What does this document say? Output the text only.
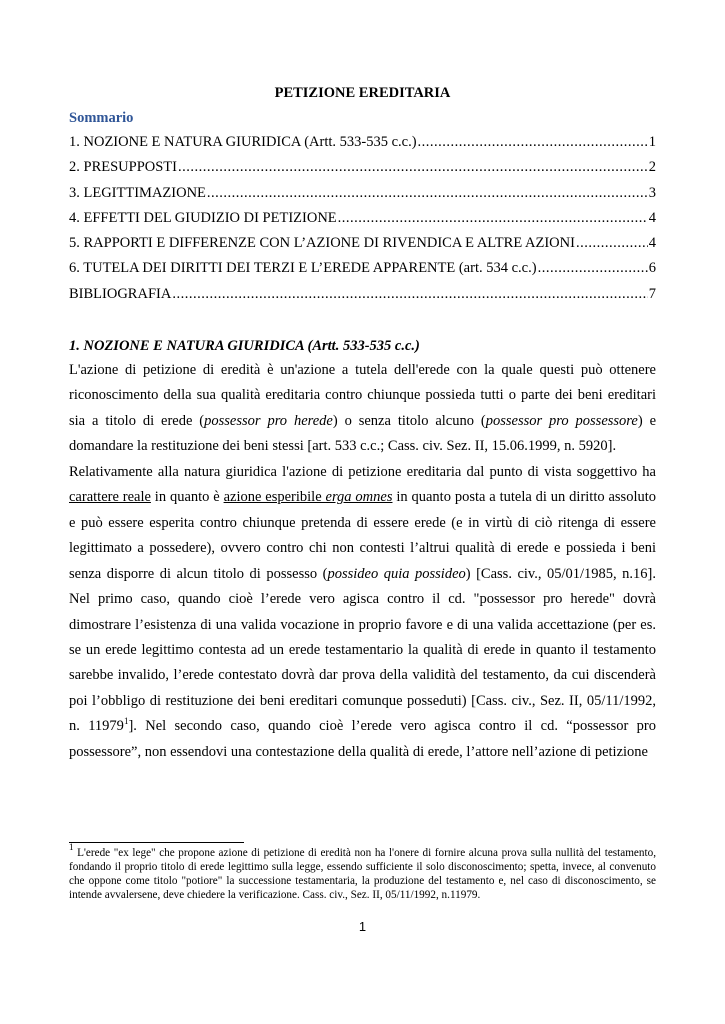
PETIZIONE EREDITARIA
Sommario
1. NOZIONE E NATURA GIURIDICA (Artt. 533-535 c.c.) .....	1
2. PRESUPPOSTI .....	2
3. LEGITTIMAZIONE .....	3
4. EFFETTI DEL GIUDIZIO DI PETIZIONE .....	4
5. RAPPORTI E DIFFERENZE CON L’AZIONE DI RIVENDICA E ALTRE AZIONI .....	4
6. TUTELA DEI DIRITTI DEI TERZI E L’EREDE APPARENTE (art. 534 c.c.) .....	6
BIBLIOGRAFIA .....	7
1. NOZIONE E NATURA GIURIDICA (Artt. 533-535 c.c.)

L'azione di petizione di eredità è un'azione a tutela dell'erede con la quale questi può ottenere riconoscimento della sua qualità ereditaria contro chiunque possieda tutti o parte dei beni ereditari sia a titolo di erede (possessor pro herede) o senza titolo alcuno (possessor pro possessore) e domandare la restituzione dei beni stessi [art. 533 c.c.; Cass. civ. Sez. II, 15.06.1999, n. 5920].

Relativamente alla natura giuridica l'azione di petizione ereditaria dal punto di vista soggettivo ha carattere reale in quanto è azione esperibile erga omnes in quanto posta a tutela di un diritto assoluto e può essere esperita contro chiunque pretenda di essere erede (e in virtù di ciò ritenga di essere legittimato a possedere), ovvero contro chi non contesti l’altrui qualità di erede e possieda i beni senza disporre di alcun titolo di possesso (possideo quia possideo) [Cass. civ., 05/01/1985, n.16]. Nel primo caso, quando cioè l’erede vero agisca contro il cd. "possessor pro herede" dovrà dimostrare l’esistenza di una valida vocazione in proprio favore e di una valida accettazione (per es. se un erede legittimo contesta ad un erede testamentario la qualità di erede in quanto il testamento sarebbe invalido, l’erede contestato dovrà dar prova della validità del testamento, da cui discenderà poi l’obbligo di restituzione dei beni ereditari comunque posseduti) [Cass. civ., Sez. II, 05/11/1992, n. 11979$^1$]. Nel secondo caso, quando cioè l’erede vero agisca contro il cd. “possessor pro possessore”, non essendovi una contestazione della qualità di erede, l’attore nell’azione di petizione

$^1$ L'erede "ex lege" che propone azione di petizione di eredità non ha l'onere di fornire alcuna prova sulla nullità del testamento, fondando il proprio titolo di erede legittimo sulla legge, essendo sufficiente il solo disconoscimento; spetta, invece, al convenuto che oppone come titolo "potiore" la successione testamentaria, la produzione del testamento e, nel caso di disconoscimento, se intende avvalersene, deve chiedere la verificazione. Cass. civ., Sez. II, 05/11/1992, n.11979.

1
